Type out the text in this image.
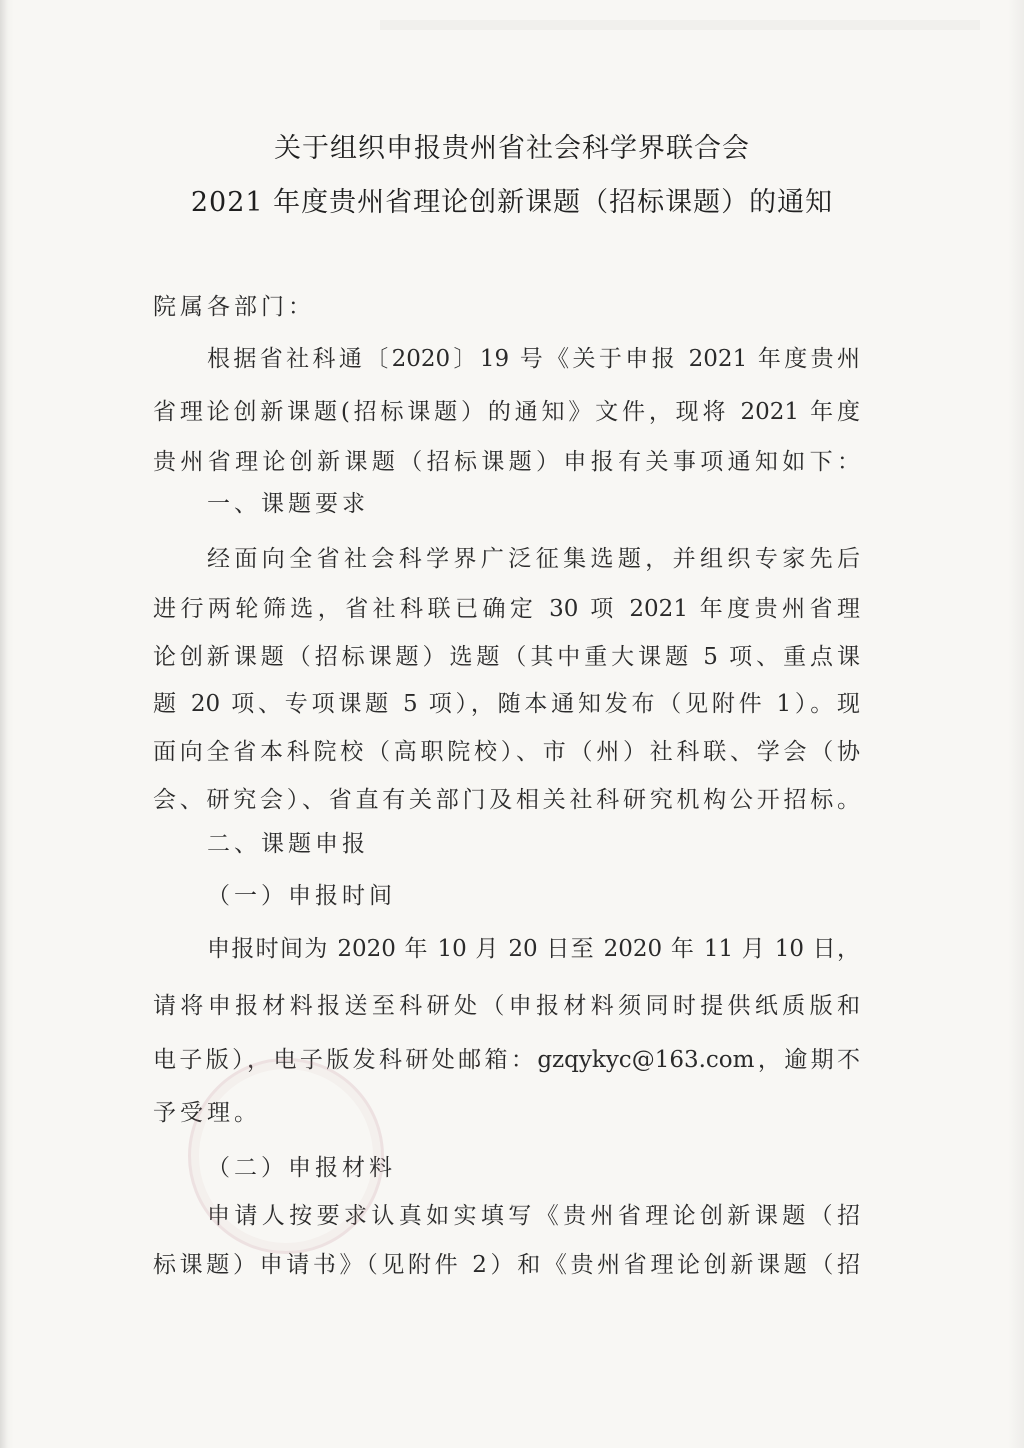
关于组织申报贵州省社会科学界联合会
2021 年度贵州省理论创新课题（招标课题）的通知
院属各部门：
根据省社科通〔2020〕19 号《关于申报 2021 年度贵州
省理论创新课题(招标课题）的通知》文件，现将 2021 年度
贵州省理论创新课题（招标课题）申报有关事项通知如下：
一、课题要求
经面向全省社会科学界广泛征集选题，并组织专家先后
进行两轮筛选，省社科联已确定 30 项 2021 年度贵州省理
论创新课题（招标课题）选题（其中重大课题 5 项、重点课
题 20 项、专项课题 5 项），随本通知发布（见附件 1）。现
面向全省本科院校（高职院校）、市（州）社科联、学会（协
会、研究会）、省直有关部门及相关社科研究机构公开招标。
二、课题申报
（一）申报时间
申报时间为 2020 年 10 月 20 日至 2020 年 11 月 10 日，
请将申报材料报送至科研处（申报材料须同时提供纸质版和
电子版），电子版发科研处邮箱：gzqykyc@163.com，逾期不
予受理。
（二）申报材料
申请人按要求认真如实填写《贵州省理论创新课题（招
标课题）申请书》（见附件 2）和《贵州省理论创新课题（招
